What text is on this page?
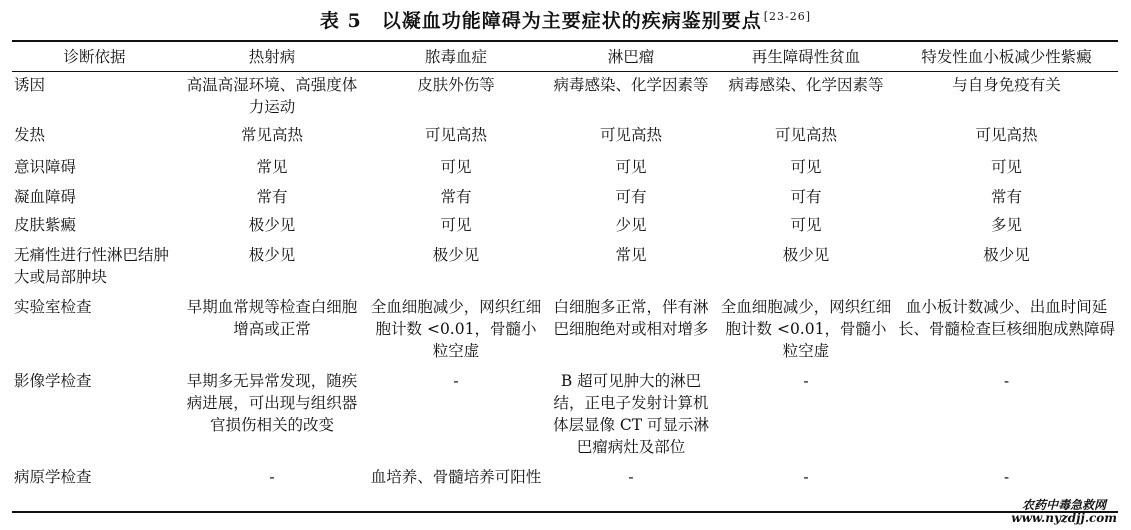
表 5　以凝血功能障碍为主要症状的疾病鉴别要点 [23-26]
诊断依据	热射病	脓毒血症	淋巴瘤	再生障碍性贫血	特发性血小板减少性紫癜
诱因	高温高湿环境、高强度体力运动	皮肤外伤等	病毒感染、化学因素等	病毒感染、化学因素等	与自身免疫有关
发热	常见高热	可见高热	可见高热	可见高热	可见高热
意识障碍	常见	可见	可见	可见	可见
凝血障碍	常有	常有	可有	可有	常有
皮肤紫癜	极少见	可见	少见	可见	多见
无痛性进行性淋巴结肿大或局部肿块	极少见	极少见	常见	极少见	极少见
实验室检查	早期血常规等检查白细胞增高或正常	全血细胞减少，网织红细胞计数 <0.01，骨髓小粒空虚	白细胞多正常，伴有淋巴细胞绝对或相对增多	全血细胞减少，网织红细胞计数 <0.01，骨髓小粒空虚	血小板计数减少、出血时间延长、骨髓检查巨核细胞成熟障碍
影像学检查	早期多无异常发现，随疾病进展，可出现与组织器官损伤相关的改变	-	B 超可见肿大的淋巴结，正电子发射计算机体层显像 CT 可显示淋巴瘤病灶及部位	-	-
病原学检查	-	血培养、骨髓培养可阳性	-	-	-
农药中毒急救网
www.nyzdjj.com
